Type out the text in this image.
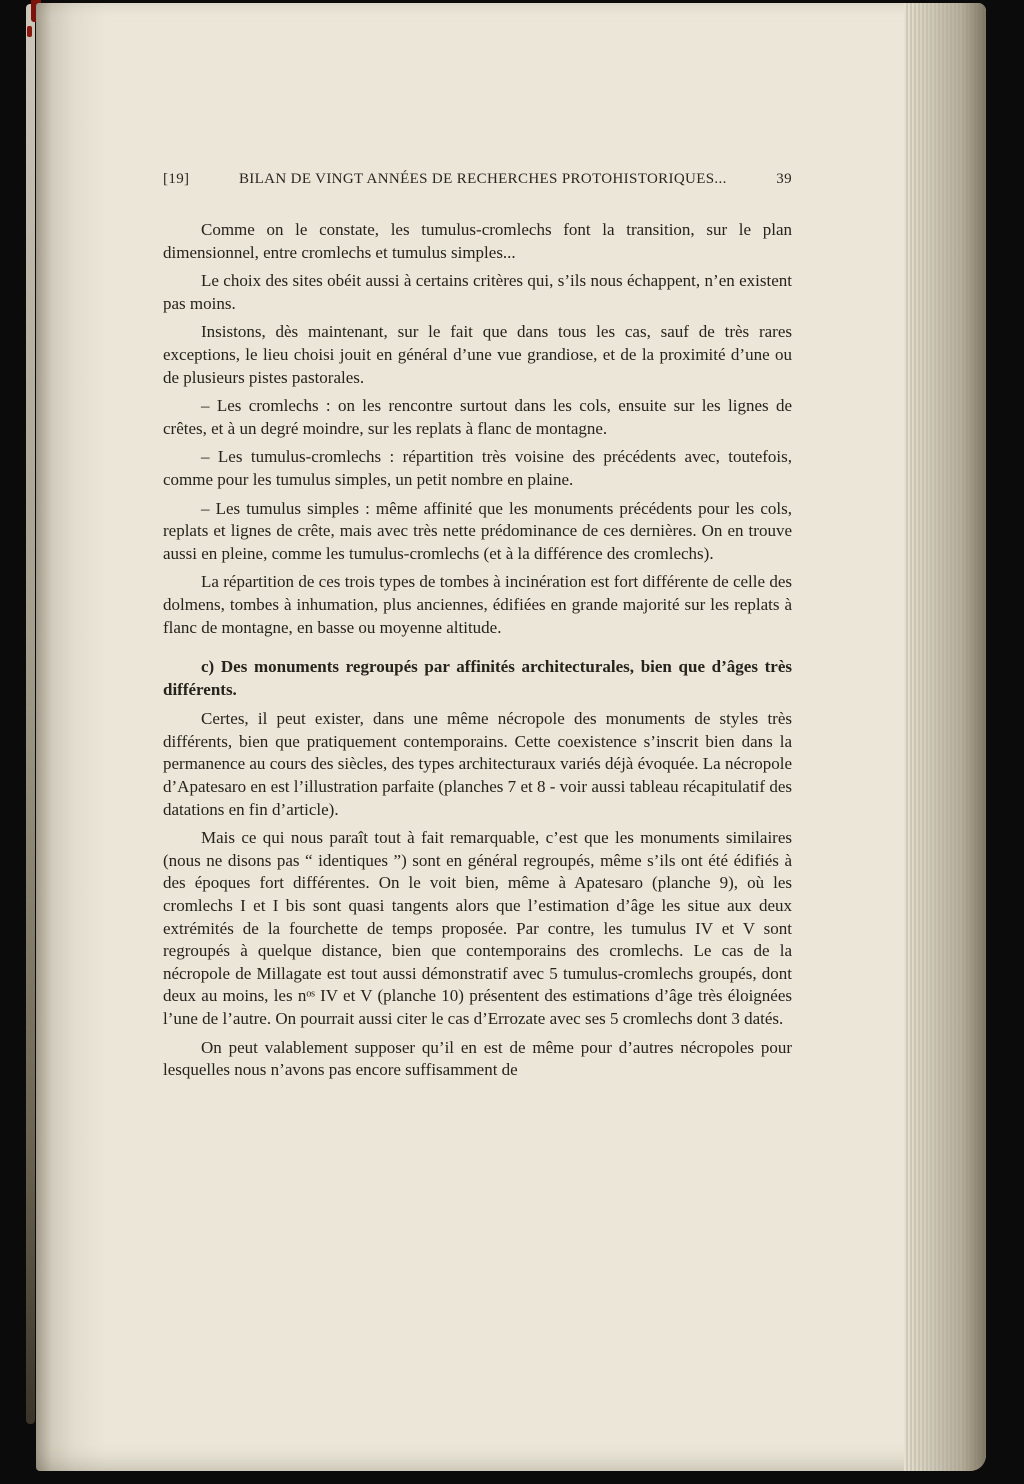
[19]	BILAN DE VINGT ANNÉES DE RECHERCHES PROTOHISTORIQUES...	39

Comme on le constate, les tumulus-cromlechs font la transition, sur le plan dimensionnel, entre cromlechs et tumulus simples...

Le choix des sites obéit aussi à certains critères qui, s’ils nous échappent, n’en existent pas moins.

Insistons, dès maintenant, sur le fait que dans tous les cas, sauf de très rares exceptions, le lieu choisi jouit en général d’une vue grandiose, et de la proximité d’une ou de plusieurs pistes pastorales.

– Les cromlechs : on les rencontre surtout dans les cols, ensuite sur les lignes de crêtes, et à un degré moindre, sur les replats à flanc de montagne.

– Les tumulus-cromlechs : répartition très voisine des précédents avec, toutefois, comme pour les tumulus simples, un petit nombre en plaine.

– Les tumulus simples : même affinité que les monuments précédents pour les cols, replats et lignes de crête, mais avec très nette prédominance de ces dernières. On en trouve aussi en pleine, comme les tumulus-cromlechs (et à la différence des cromlechs).

La répartition de ces trois types de tombes à incinération est fort différente de celle des dolmens, tombes à inhumation, plus anciennes, édifiées en grande majorité sur les replats à flanc de montagne, en basse ou moyenne altitude.

c) Des monuments regroupés par affinités architecturales, bien que d’âges très différents.

Certes, il peut exister, dans une même nécropole des monuments de styles très différents, bien que pratiquement contemporains. Cette coexistence s’inscrit bien dans la permanence au cours des siècles, des types architecturaux variés déjà évoquée. La nécropole d’Apatesaro en est l’illustration parfaite (planches 7 et 8 - voir aussi tableau récapitulatif des datations en fin d’article).

Mais ce qui nous paraît tout à fait remarquable, c’est que les monuments similaires (nous ne disons pas “ identiques ”) sont en général regroupés, même s’ils ont été édifiés à des époques fort différentes. On le voit bien, même à Apatesaro (planche 9), où les cromlechs I et I bis sont quasi tangents alors que l’estimation d’âge les situe aux deux extrémités de la fourchette de temps proposée. Par contre, les tumulus IV et V sont regroupés à quelque distance, bien que contemporains des cromlechs. Le cas de la nécropole de Millagate est tout aussi démonstratif avec 5 tumulus-cromlechs groupés, dont deux au moins, les nᵒˢ IV et V (planche 10) présentent des estimations d’âge très éloignées l’une de l’autre. On pourrait aussi citer le cas d’Errozate avec ses 5 cromlechs dont 3 datés.

On peut valablement supposer qu’il en est de même pour d’autres nécropoles pour lesquelles nous n’avons pas encore suffisamment de
